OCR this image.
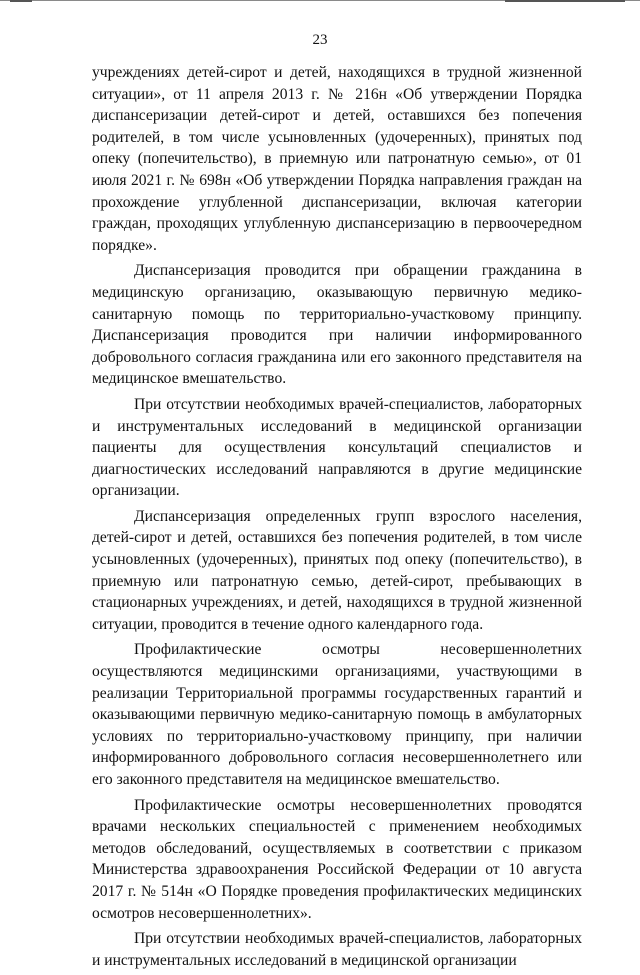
23

учреждениях детей-сирот и детей, находящихся в трудной жизненной ситуации», от 11 апреля 2013 г. № 216н «Об утверждении Порядка диспансеризации детей-сирот и детей, оставшихся без попечения родителей, в том числе усыновленных (удочеренных), принятых под опеку (попечительство), в приемную или патронатную семью», от 01 июля 2021 г. № 698н «Об утверждении Порядка направления граждан на прохождение углубленной диспансеризации, включая категории граждан, проходящих углубленную диспансеризацию в первоочередном порядке».

Диспансеризация проводится при обращении гражданина в медицинскую организацию, оказывающую первичную медико-санитарную помощь по территориально-участковому принципу. Диспансеризация проводится при наличии информированного добровольного согласия гражданина или его законного представителя на медицинское вмешательство.

При отсутствии необходимых врачей-специалистов, лабораторных и инструментальных исследований в медицинской организации пациенты для осуществления консультаций специалистов и диагностических исследований направляются в другие медицинские организации.

Диспансеризация определенных групп взрослого населения, детей-сирот и детей, оставшихся без попечения родителей, в том числе усыновленных (удочеренных), принятых под опеку (попечительство), в приемную или патронатную семью, детей-сирот, пребывающих в стационарных учреждениях, и детей, находящихся в трудной жизненной ситуации, проводится в течение одного календарного года.

Профилактические осмотры несовершеннолетних осуществляются медицинскими организациями, участвующими в реализации Территориальной программы государственных гарантий и оказывающими первичную медико-санитарную помощь в амбулаторных условиях по территориально-участковому принципу, при наличии информированного добровольного согласия несовершеннолетнего или его законного представителя на медицинское вмешательство.

Профилактические осмотры несовершеннолетних проводятся врачами нескольких специальностей с применением необходимых методов обследований, осуществляемых в соответствии с приказом Министерства здравоохранения Российской Федерации от 10 августа 2017 г. № 514н «О Порядке проведения профилактических медицинских осмотров несовершеннолетних».

При отсутствии необходимых врачей-специалистов, лабораторных и инструментальных исследований в медицинской организации
